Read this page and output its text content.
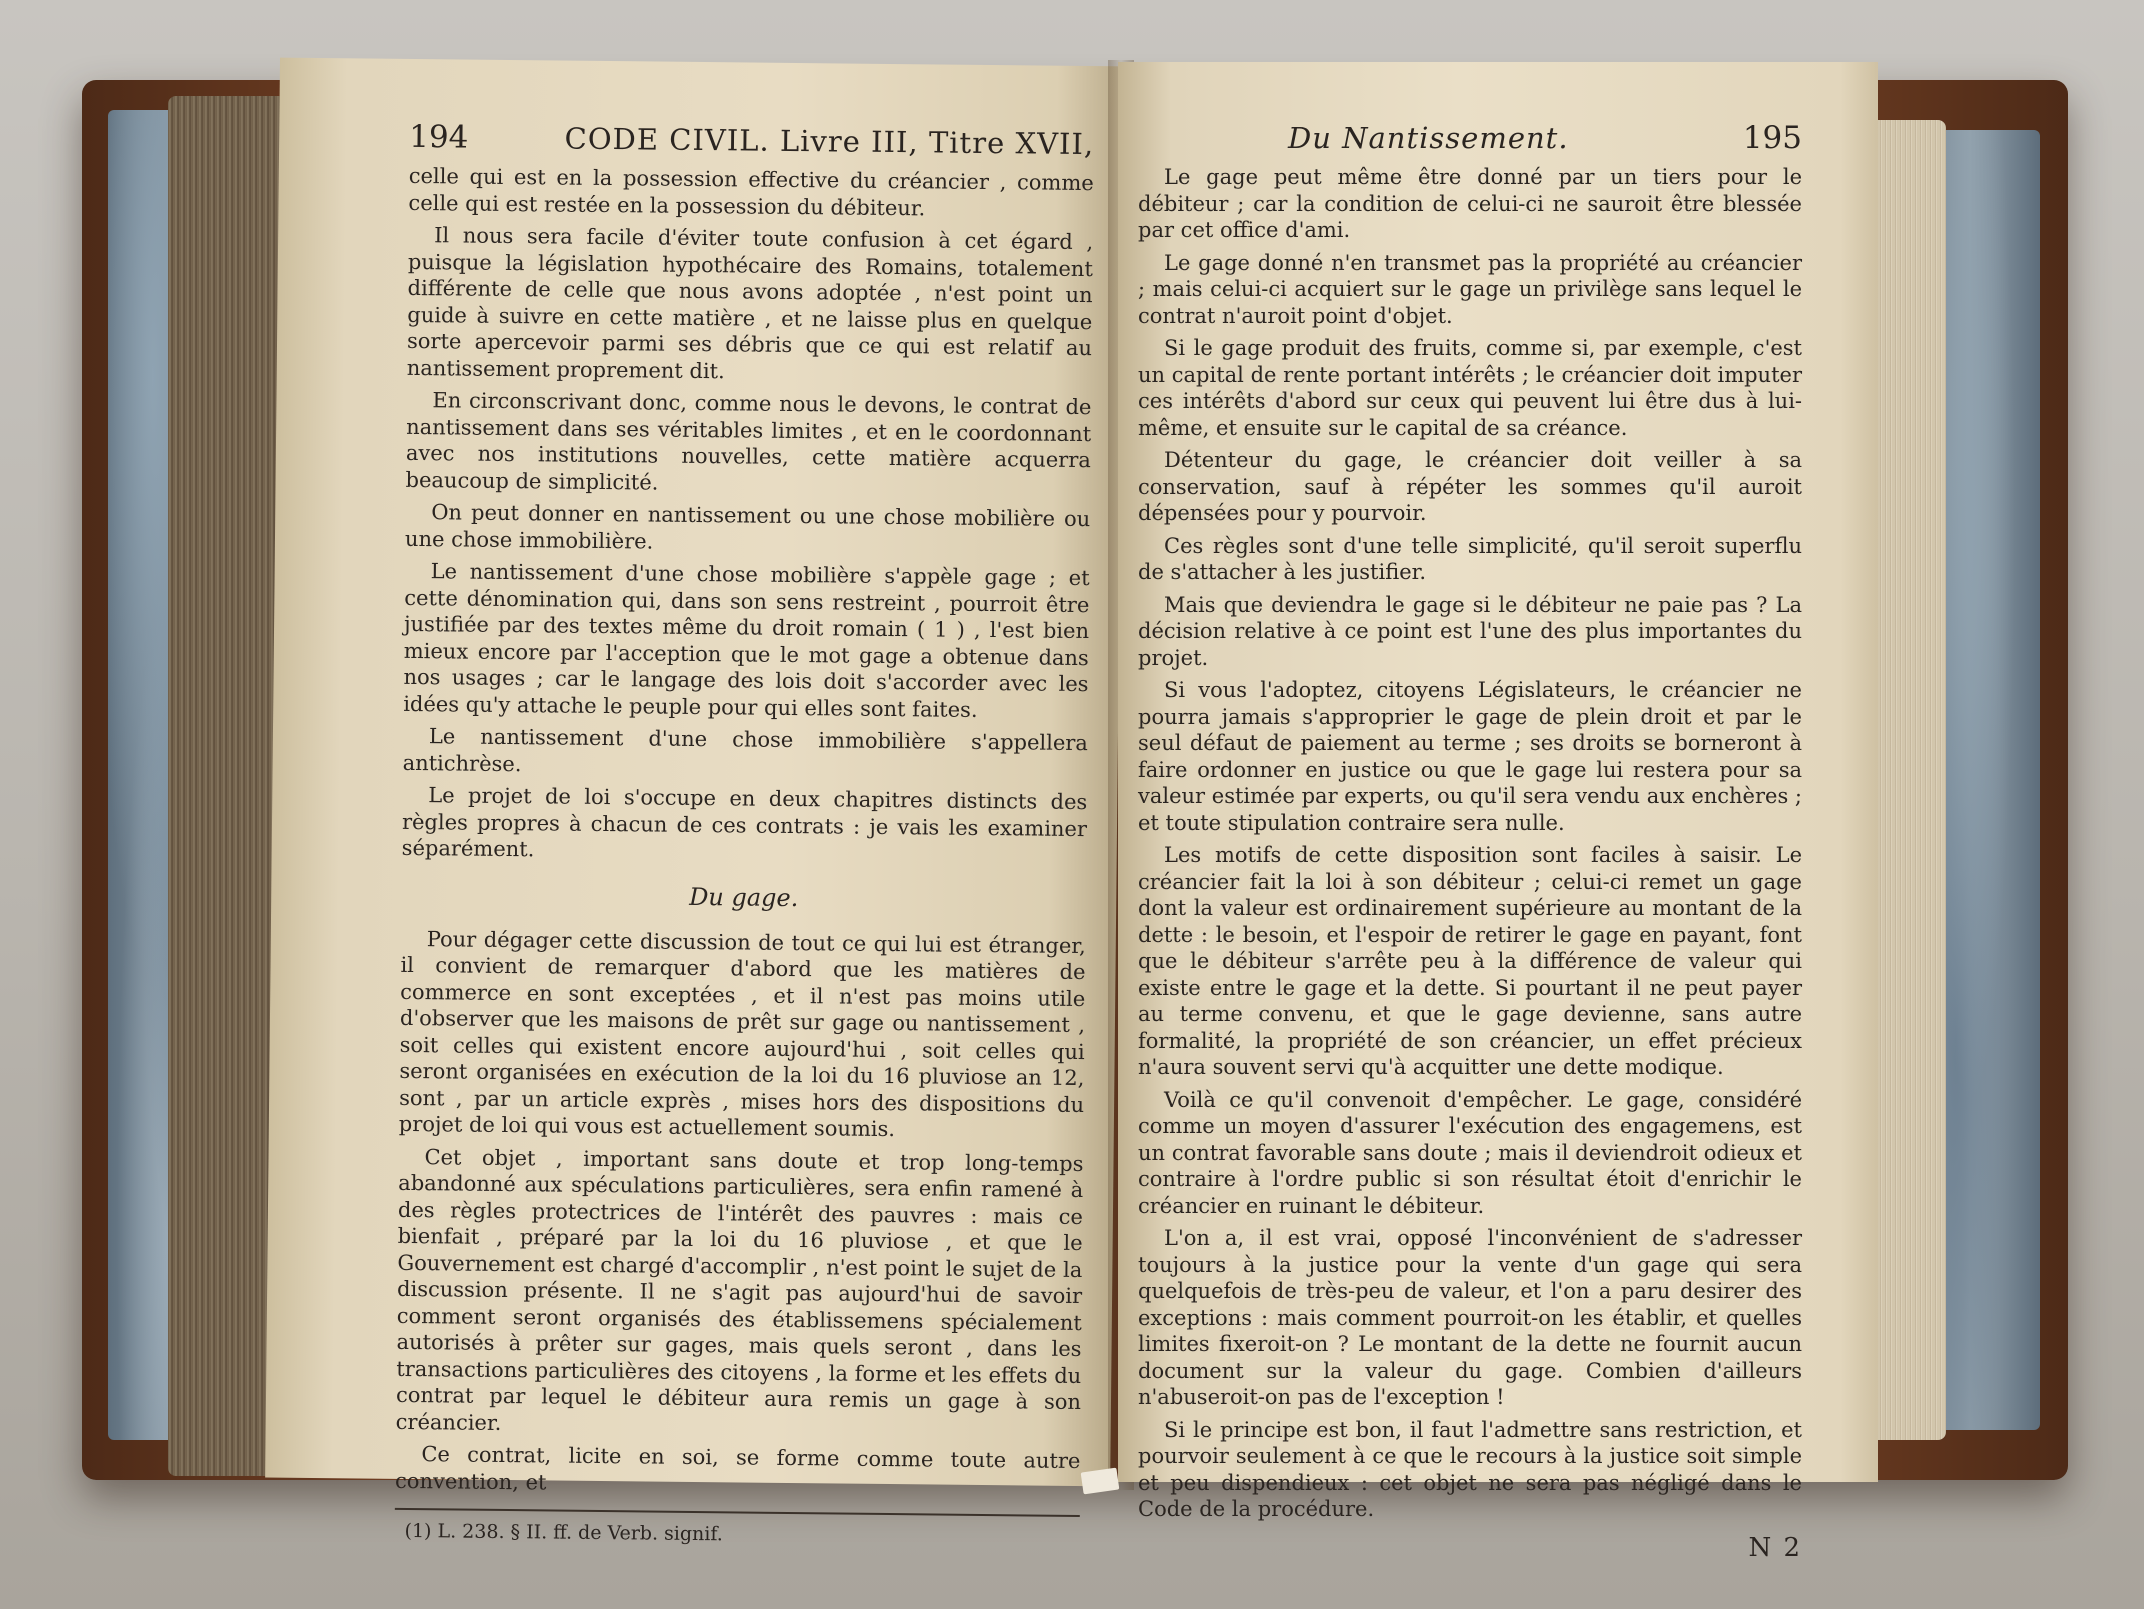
194	CODE CIVIL. Livre III, Titre XVII,

celle qui est en la possession effective du créancier , comme celle qui est restée en la possession du débiteur.

Il nous sera facile d'éviter toute confusion à cet égard , puisque la législation hypothécaire des Romains, totalement différente de celle que nous avons adoptée , n'est point un guide à suivre en cette matière , et ne laisse plus en quelque sorte apercevoir parmi ses débris que ce qui est relatif au nantissement proprement dit.

En circonscrivant donc, comme nous le devons, le contrat de nantissement dans ses véritables limites , et en le coordonnant avec nos institutions nouvelles, cette matière acquerra beaucoup de simplicité.

On peut donner en nantissement ou une chose mobilière ou une chose immobilière.

Le nantissement d'une chose mobilière s'appèle gage ; et cette dénomination qui, dans son sens restreint , pourroit être justifiée par des textes même du droit romain ( 1 ) , l'est bien mieux encore par l'acception que le mot gage a obtenue dans nos usages ; car le langage des lois doit s'accorder avec les idées qu'y attache le peuple pour qui elles sont faites.

Le nantissement d'une chose immobilière s'appellera antichrèse.

Le projet de loi s'occupe en deux chapitres distincts des règles propres à chacun de ces contrats : je vais les examiner séparément.

Du gage.

Pour dégager cette discussion de tout ce qui lui est étranger, il convient de remarquer d'abord que les matières de commerce en sont exceptées , et il n'est pas moins utile d'observer que les maisons de prêt sur gage ou nantissement , soit celles qui existent encore aujourd'hui , soit celles qui seront organisées en exécution de la loi du 16 pluviose an 12, sont , par un article exprès , mises hors des dispositions du projet de loi qui vous est actuellement soumis.

Cet objet , important sans doute et trop long-temps abandonné aux spéculations particulières, sera enfin ramené à des règles protectrices de l'intérêt des pauvres : mais ce bienfait , préparé par la loi du 16 pluviose , et que le Gouvernement est chargé d'accomplir , n'est point le sujet de la discussion présente. Il ne s'agit pas aujourd'hui de savoir comment seront organisés des établissemens spécialement autorisés à prêter sur gages, mais quels seront , dans les transactions particulières des citoyens , la forme et les effets du contrat par lequel le débiteur aura remis un gage à son créancier.

Ce contrat, licite en soi, se forme comme toute autre convention, et

(1) L. 238. § II. ff. de Verb. signif.

Du Nantissement.	195

Le gage peut même être donné par un tiers pour le débiteur ; car la condition de celui-ci ne sauroit être blessée par cet office d'ami.

Le gage donné n'en transmet pas la propriété au créancier ; mais celui-ci acquiert sur le gage un privilège sans lequel le contrat n'auroit point d'objet.

Si le gage produit des fruits, comme si, par exemple, c'est un capital de rente portant intérêts ; le créancier doit imputer ces intérêts d'abord sur ceux qui peuvent lui être dus à lui-même, et ensuite sur le capital de sa créance.

Détenteur du gage, le créancier doit veiller à sa conservation, sauf à répéter les sommes qu'il auroit dépensées pour y pourvoir.

Ces règles sont d'une telle simplicité, qu'il seroit superflu de s'attacher à les justifier.

Mais que deviendra le gage si le débiteur ne paie pas ? La décision relative à ce point est l'une des plus importantes du projet.

Si vous l'adoptez, citoyens Législateurs, le créancier ne pourra jamais s'approprier le gage de plein droit et par le seul défaut de paiement au terme ; ses droits se borneront à faire ordonner en justice ou que le gage lui restera pour sa valeur estimée par experts, ou qu'il sera vendu aux enchères ; et toute stipulation contraire sera nulle.

Les motifs de cette disposition sont faciles à saisir. Le créancier fait la loi à son débiteur ; celui-ci remet un gage dont la valeur est ordinairement supérieure au montant de la dette : le besoin, et l'espoir de retirer le gage en payant, font que le débiteur s'arrête peu à la différence de valeur qui existe entre le gage et la dette. Si pourtant il ne peut payer au terme convenu, et que le gage devienne, sans autre formalité, la propriété de son créancier, un effet précieux n'aura souvent servi qu'à acquitter une dette modique.

Voilà ce qu'il convenoit d'empêcher. Le gage, considéré comme un moyen d'assurer l'exécution des engagemens, est un contrat favorable sans doute ; mais il deviendroit odieux et contraire à l'ordre public si son résultat étoit d'enrichir le créancier en ruinant le débiteur.

L'on a, il est vrai, opposé l'inconvénient de s'adresser toujours à la justice pour la vente d'un gage qui sera quelquefois de très-peu de valeur, et l'on a paru desirer des exceptions : mais comment pourroit-on les établir, et quelles limites fixeroit-on ? Le montant de la dette ne fournit aucun document sur la valeur du gage. Combien d'ailleurs n'abuseroit-on pas de l'exception !

Si le principe est bon, il faut l'admettre sans restriction, et pourvoir seulement à ce que le recours à la justice soit simple et peu dispendieux : cet objet ne sera pas négligé dans le Code de la procédure.

N 2
